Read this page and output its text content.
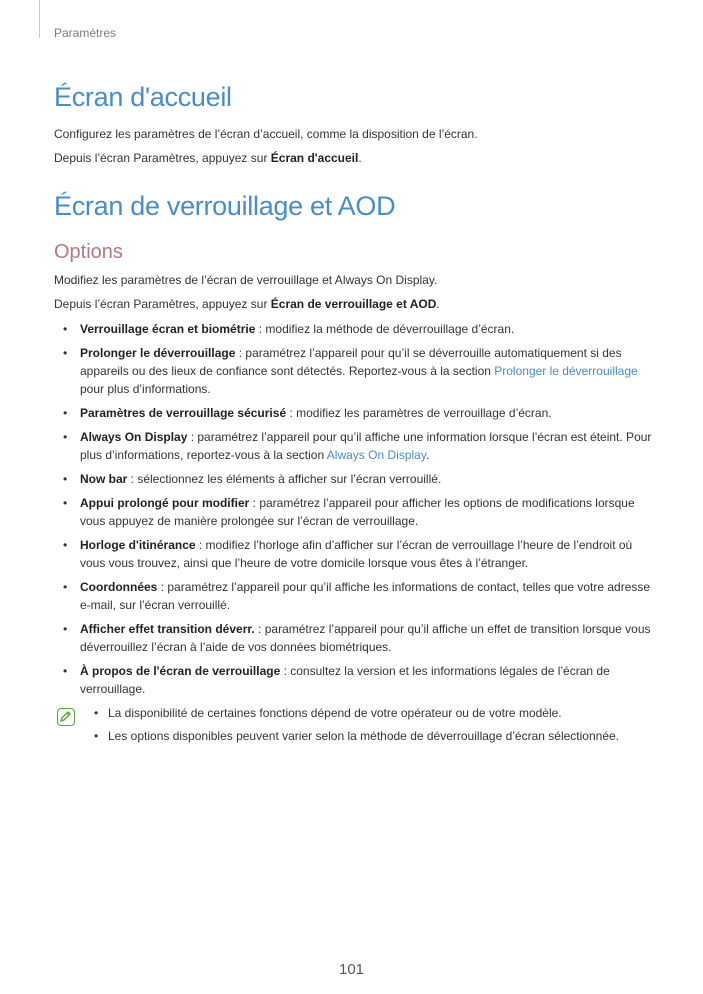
Paramètres
Écran d'accueil

Configurez les paramètres de l’écran d’accueil, comme la disposition de l’écran.

Depuis l’écran Paramètres, appuyez sur Écran d'accueil.

Écran de verrouillage et AOD
Options

Modifiez les paramètres de l’écran de verrouillage et Always On Display.

Depuis l’écran Paramètres, appuyez sur Écran de verrouillage et AOD.

• Verrouillage écran et biométrie : modifiez la méthode de déverrouillage d’écran.
• Prolonger le déverrouillage : paramétrez l’appareil pour qu’il se déverrouille automatiquement si des appareils ou des lieux de confiance sont détectés. Reportez-vous à la section Prolonger le déverrouillage pour plus d’informations.
• Paramètres de verrouillage sécurisé : modifiez les paramètres de verrouillage d’écran.
• Always On Display : paramétrez l’appareil pour qu’il affiche une information lorsque l’écran est éteint. Pour plus d’informations, reportez-vous à la section Always On Display.
• Now bar : sélectionnez les éléments à afficher sur l’écran verrouillé.
• Appui prolongé pour modifier : paramétrez l’appareil pour afficher les options de modifications lorsque vous appuyez de manière prolongée sur l’écran de verrouillage.
• Horloge d'itinérance : modifiez l’horloge afin d’afficher sur l’écran de verrouillage l’heure de l’endroit où vous vous trouvez, ainsi que l’heure de votre domicile lorsque vous êtes à l’étranger.
• Coordonnées : paramétrez l’appareil pour qu’il affiche les informations de contact, telles que votre adresse e-mail, sur l’écran verrouillé.
• Afficher effet transition déverr. : paramétrez l’appareil pour qu’il affiche un effet de transition lorsque vous déverrouillez l’écran à l’aide de vos données biométriques.
• À propos de l'écran de verrouillage : consultez la version et les informations légales de l’écran de verrouillage.
• La disponibilité de certaines fonctions dépend de votre opérateur ou de votre modèle.
• Les options disponibles peuvent varier selon la méthode de déverrouillage d’écran sélectionnée.
101
